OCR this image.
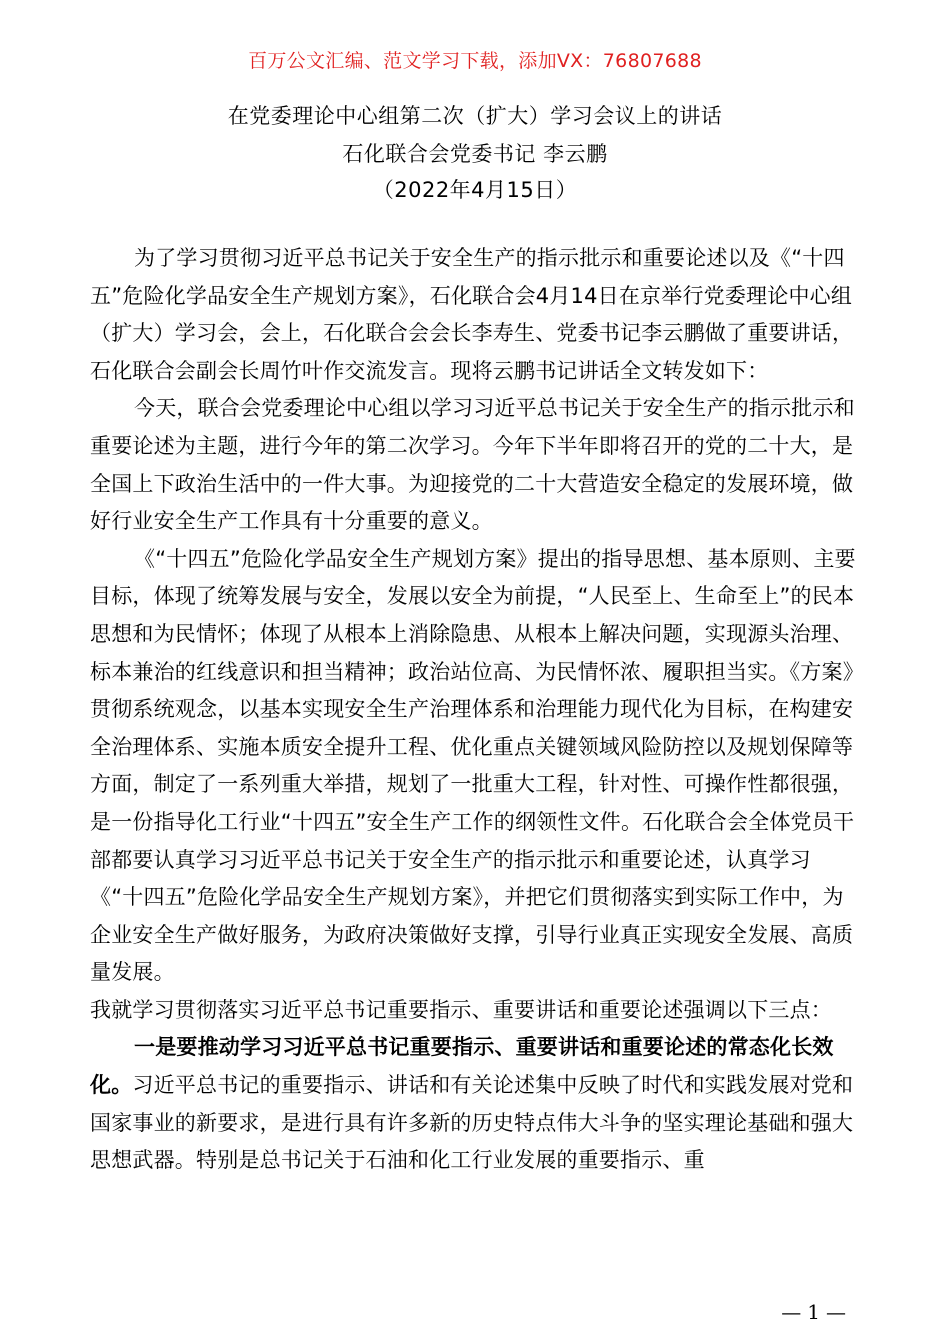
百万公文汇编、范文学习下载，添加VX：76807688
在党委理论中心组第二次（扩大）学习会议上的讲话
石化联合会党委书记 李云鹏
（2022年4月15日）

为了学习贯彻习近平总书记关于安全生产的指示批示和重要论述以及《“十四五”危险化学品安全生产规划方案》，石化联合会4月14日在京举行党委理论中心组（扩大）学习会，会上，石化联合会会长李寿生、党委书记李云鹏做了重要讲话，石化联合会副会长周竹叶作交流发言。现将云鹏书记讲话全文转发如下：

今天，联合会党委理论中心组以学习习近平总书记关于安全生产的指示批示和重要论述为主题，进行今年的第二次学习。今年下半年即将召开的党的二十大，是全国上下政治生活中的一件大事。为迎接党的二十大营造安全稳定的发展环境，做好行业安全生产工作具有十分重要的意义。

《“十四五”危险化学品安全生产规划方案》提出的指导思想、基本原则、主要目标，体现了统筹发展与安全，发展以安全为前提，“人民至上、生命至上”的民本思想和为民情怀；体现了从根本上消除隐患、从根本上解决问题，实现源头治理、标本兼治的红线意识和担当精神；政治站位高、为民情怀浓、履职担当实。《方案》贯彻系统观念，以基本实现安全生产治理体系和治理能力现代化为目标，在构建安全治理体系、实施本质安全提升工程、优化重点关键领域风险防控以及规划保障等方面，制定了一系列重大举措，规划了一批重大工程，针对性、可操作性都很强，是一份指导化工行业“十四五”安全生产工作的纲领性文件。石化联合会全体党员干部都要认真学习习近平总书记关于安全生产的指示批示和重要论述，认真学习《“十四五”危险化学品安全生产规划方案》，并把它们贯彻落实到实际工作中，为企业安全生产做好服务，为政府决策做好支撑，引导行业真正实现安全发展、高质量发展。

我就学习贯彻落实习近平总书记重要指示、重要讲话和重要论述强调以下三点：

一是要推动学习习近平总书记重要指示、重要讲话和重要论述的常态化长效化。习近平总书记的重要指示、讲话和有关论述集中反映了时代和实践发展对党和国家事业的新要求，是进行具有许多新的历史特点伟大斗争的坚实理论基础和强大思想武器。特别是总书记关于石油和化工行业发展的重要指示、重

—1—
